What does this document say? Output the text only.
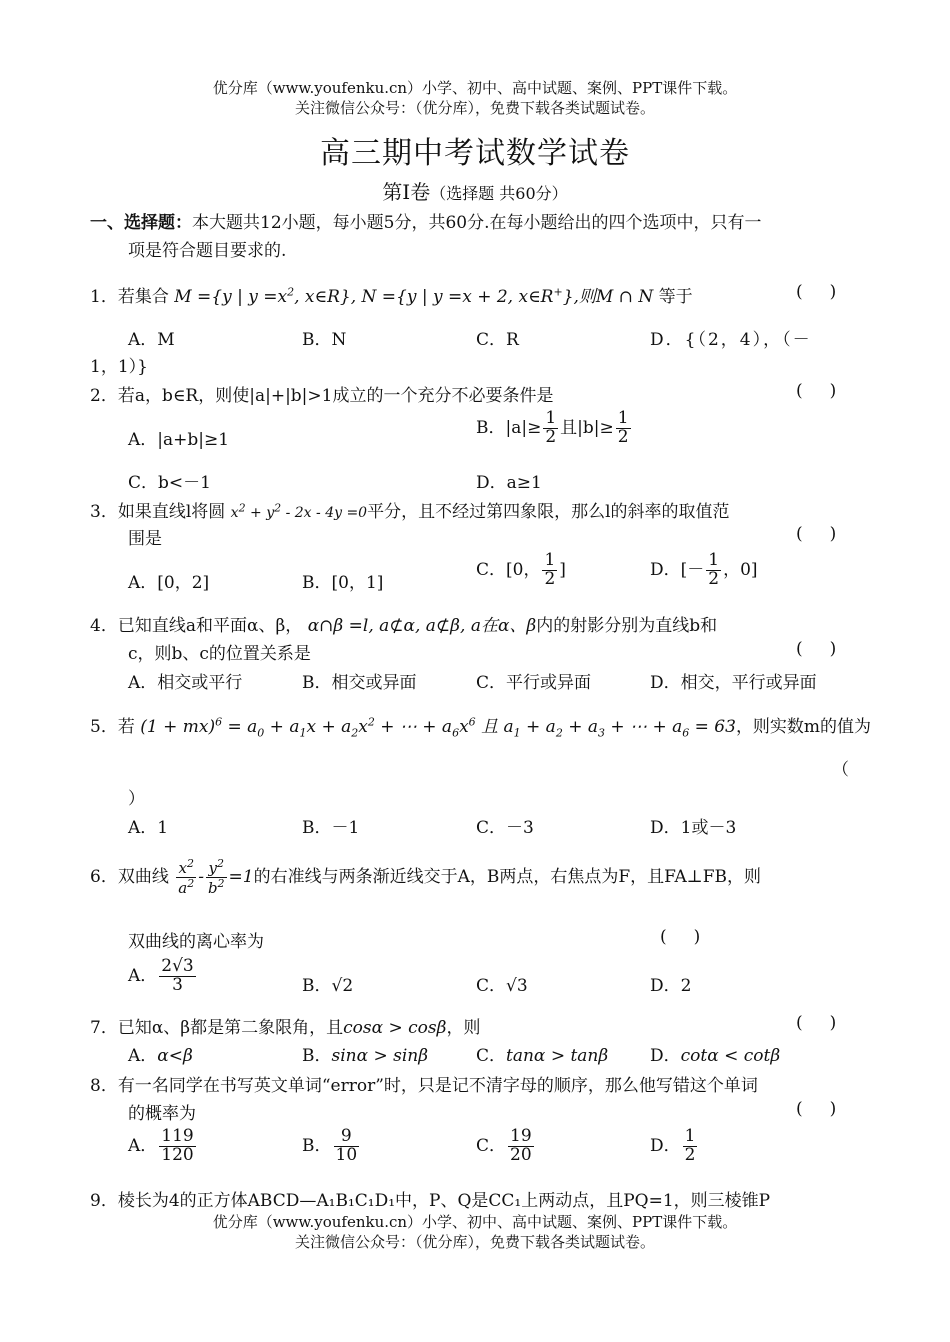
优分库（www.youfenku.cn）小学、初中、高中试题、案例、PPT课件下载。
关注微信公众号：（优分库），免费下载各类试题试卷。
高三期中考试数学试卷
第Ⅰ卷（选择题 共60分）
一、选择题：本大题共12小题，每小题5分，共60分.在每小题给出的四个选项中，只有一
项是符合题目要求的.
1．若集合 M ={y | $y =x^2$, x∈R}, N ={y | y =x + 2, x∈R+},则M ∩ N 等于	(     )
A．M	B．N	C．R	D．{（2，4），（－
1，1）}
2．若a，b∈R，则使|a|+|b|>1成立的一个充分不必要条件是	(     )
A．|a+b|≥1
B．$|a|\ge \frac{1}{2}$ 且$|b|\ge \frac{1}{2}$
C．b<－1	D．a≥1
3．如果直线l将圆 $x^2 + y^2 - 2x - 4y =0$平分，且不经过第四象限，那么l的斜率的取值范
围是	(     )
A．[0，2]	B．[0，1]
C．[0， $\frac{1}{2}$ ]	D．[－ $\frac{1}{2}$ ，0]
4．已知直线a和平面α、β， α∩β =l, a⊄α, a⊄β, a在α、β内的射影分别为直线b和
c，则b、c的位置关系是	(     )
A．相交或平行	B．相交或异面	C．平行或异面	D．相交，平行或异面
5．若 $(1 + mx)^6 = a_0 + a_1x + a_2x^2$ + ⋯ + $a_6x^6$ 且 $a_1 + a_2 + a_3$ + ⋯ + $a_6 = 63$，则实数m的值为
（
）
A．1	B．－1	C．－3	D．1或－3
6．双曲线 $\frac{x^2}{a^2} - \frac{y^2}{b^2} =1$的右准线与两条渐近线交于A，B两点，右焦点为F，且FA⊥FB，则
双曲线的离心率为	(     )
A． $\frac{2√3}{3}$	B．√2	C．√3	D．2
7．已知α、β都是第二象限角，且cosα > cosβ，则	(     )
A．α<β	B．sinα > sinβ	C．tanα > tanβ D．cotα < cotβ
8．有一名同学在书写英文单词“error”时，只是记不清字母的顺序，那么他写错这个单词
的概率为	(     )
A． $\frac{119}{120}$	B． $\frac{9}{10}$	C． $\frac{19}{20}$	D． $\frac{1}{2}$
9．棱长为4的正方体ABCD—A₁B₁C₁D₁中，P、Q是CC₁上两动点，且PQ=1，则三棱锥P
优分库（www.youfenku.cn）小学、初中、高中试题、案例、PPT课件下载。
关注微信公众号：（优分库），免费下载各类试题试卷。
